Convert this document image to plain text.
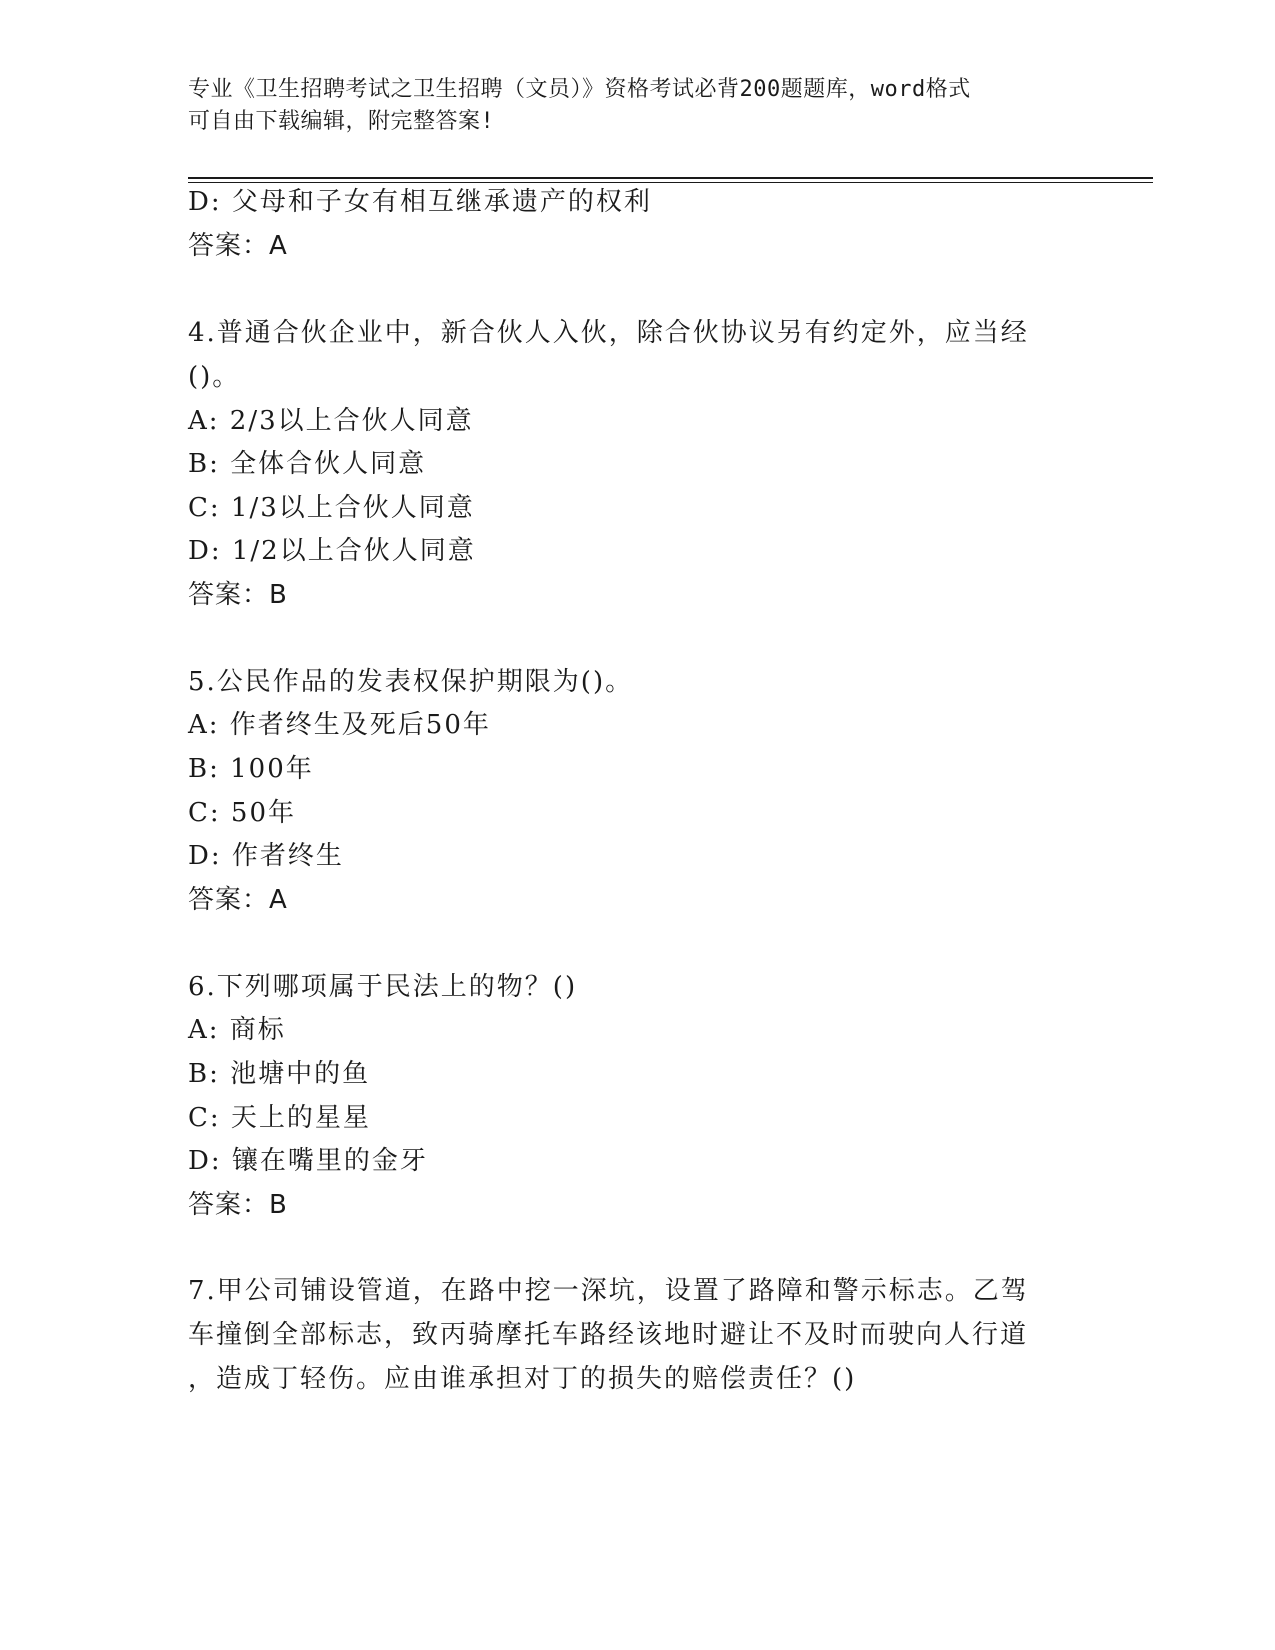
专业《卫生招聘考试之卫生招聘（文员）》资格考试必背200题题库，word格式
可自由下载编辑，附完整答案!
D: 父母和子女有相互继承遗产的权利
答案：A
4.普通合伙企业中，新合伙人入伙，除合伙协议另有约定外，应当经
()。
A: 2/3以上合伙人同意
B: 全体合伙人同意
C: 1/3以上合伙人同意
D: 1/2以上合伙人同意
答案：B
5.公民作品的发表权保护期限为()。
A: 作者终生及死后50年
B: 100年
C: 50年
D: 作者终生
答案：A
6.下列哪项属于民法上的物？()
A: 商标
B: 池塘中的鱼
C: 天上的星星
D: 镶在嘴里的金牙
答案：B
7.甲公司铺设管道，在路中挖一深坑，设置了路障和警示标志。乙驾
车撞倒全部标志，致丙骑摩托车路经该地时避让不及时而驶向人行道
，造成丁轻伤。应由谁承担对丁的损失的赔偿责任？()
